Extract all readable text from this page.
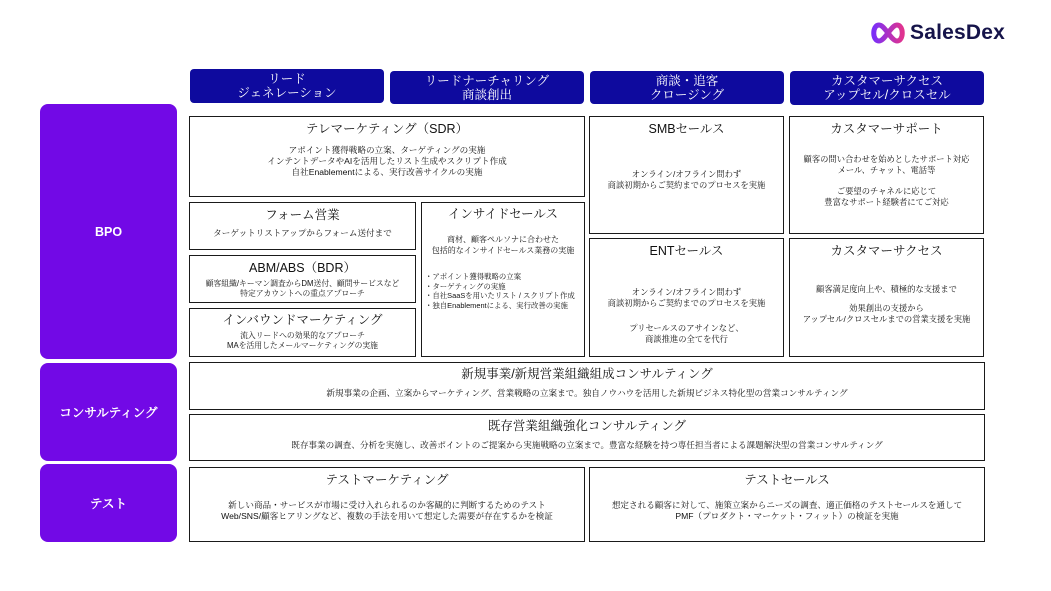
SalesDex
リード
ジェネレーション
リードナーチャリング
商談創出
商談・追客
クロージング
カスタマーサクセス
アップセル/クロスセル
BPO
コンサルティング
テスト
テレマーケティング（SDR）
アポイント獲得戦略の立案、ターゲティングの実施
インテントデータやAIを活用したリスト生成やスクリプト作成
自社Enablementによる、実行改善サイクルの実施
フォーム営業
ターゲットリストアップからフォーム送付まで
ABM/ABS（BDR）
顧客組織/キーマン調査からDM送付、顧問サービスなど
特定アカウントへの重点アプローチ
インバウンドマーケティング
流入リードへの効果的なアプローチ
MAを活用したメールマーケティングの実施
インサイドセールス
商材、顧客ペルソナに合わせた
包括的なインサイドセールス業務の実施
・アポイント獲得戦略の立案
・ターゲティングの実施
・自社SaaSを用いたリスト / スクリプト作成
・独自Enablementによる、実行改善の実施
SMBセールス
オンライン/オフライン問わず
商談初期からご契約までのプロセスを実施
ENTセールス
オンライン/オフライン問わず
商談初期からご契約までのプロセスを実施
プリセールスのアサインなど、
商談推進の全てを代行
カスタマーサポート
顧客の問い合わせを始めとしたサポート対応
メール、チャット、電話等
ご要望のチャネルに応じて
豊富なサポート経験者にてご対応
カスタマーサクセス
顧客満足度向上や、積極的な支援まで
効果創出の支援から
アップセル/クロスセルまでの営業支援を実施
新規事業/新規営業組織組成コンサルティング
新規事業の企画、立案からマーケティング、営業戦略の立案まで。独自ノウハウを活用した新規ビジネス特化型の営業コンサルティング
既存営業組織強化コンサルティング
既存事業の調査、分析を実施し、改善ポイントのご提案から実施戦略の立案まで。豊富な経験を持つ専任担当者による課題解決型の営業コンサルティング
テストマーケティング
新しい商品・サービスが市場に受け入れられるのか客観的に判断するためのテスト
Web/SNS/顧客ヒアリングなど、複数の手法を用いて想定した需要が存在するかを検証
テストセールス
想定される顧客に対して、施策立案からニーズの調査、適正価格のテストセールスを通して
PMF（プロダクト・マーケット・フィット）の検証を実施
